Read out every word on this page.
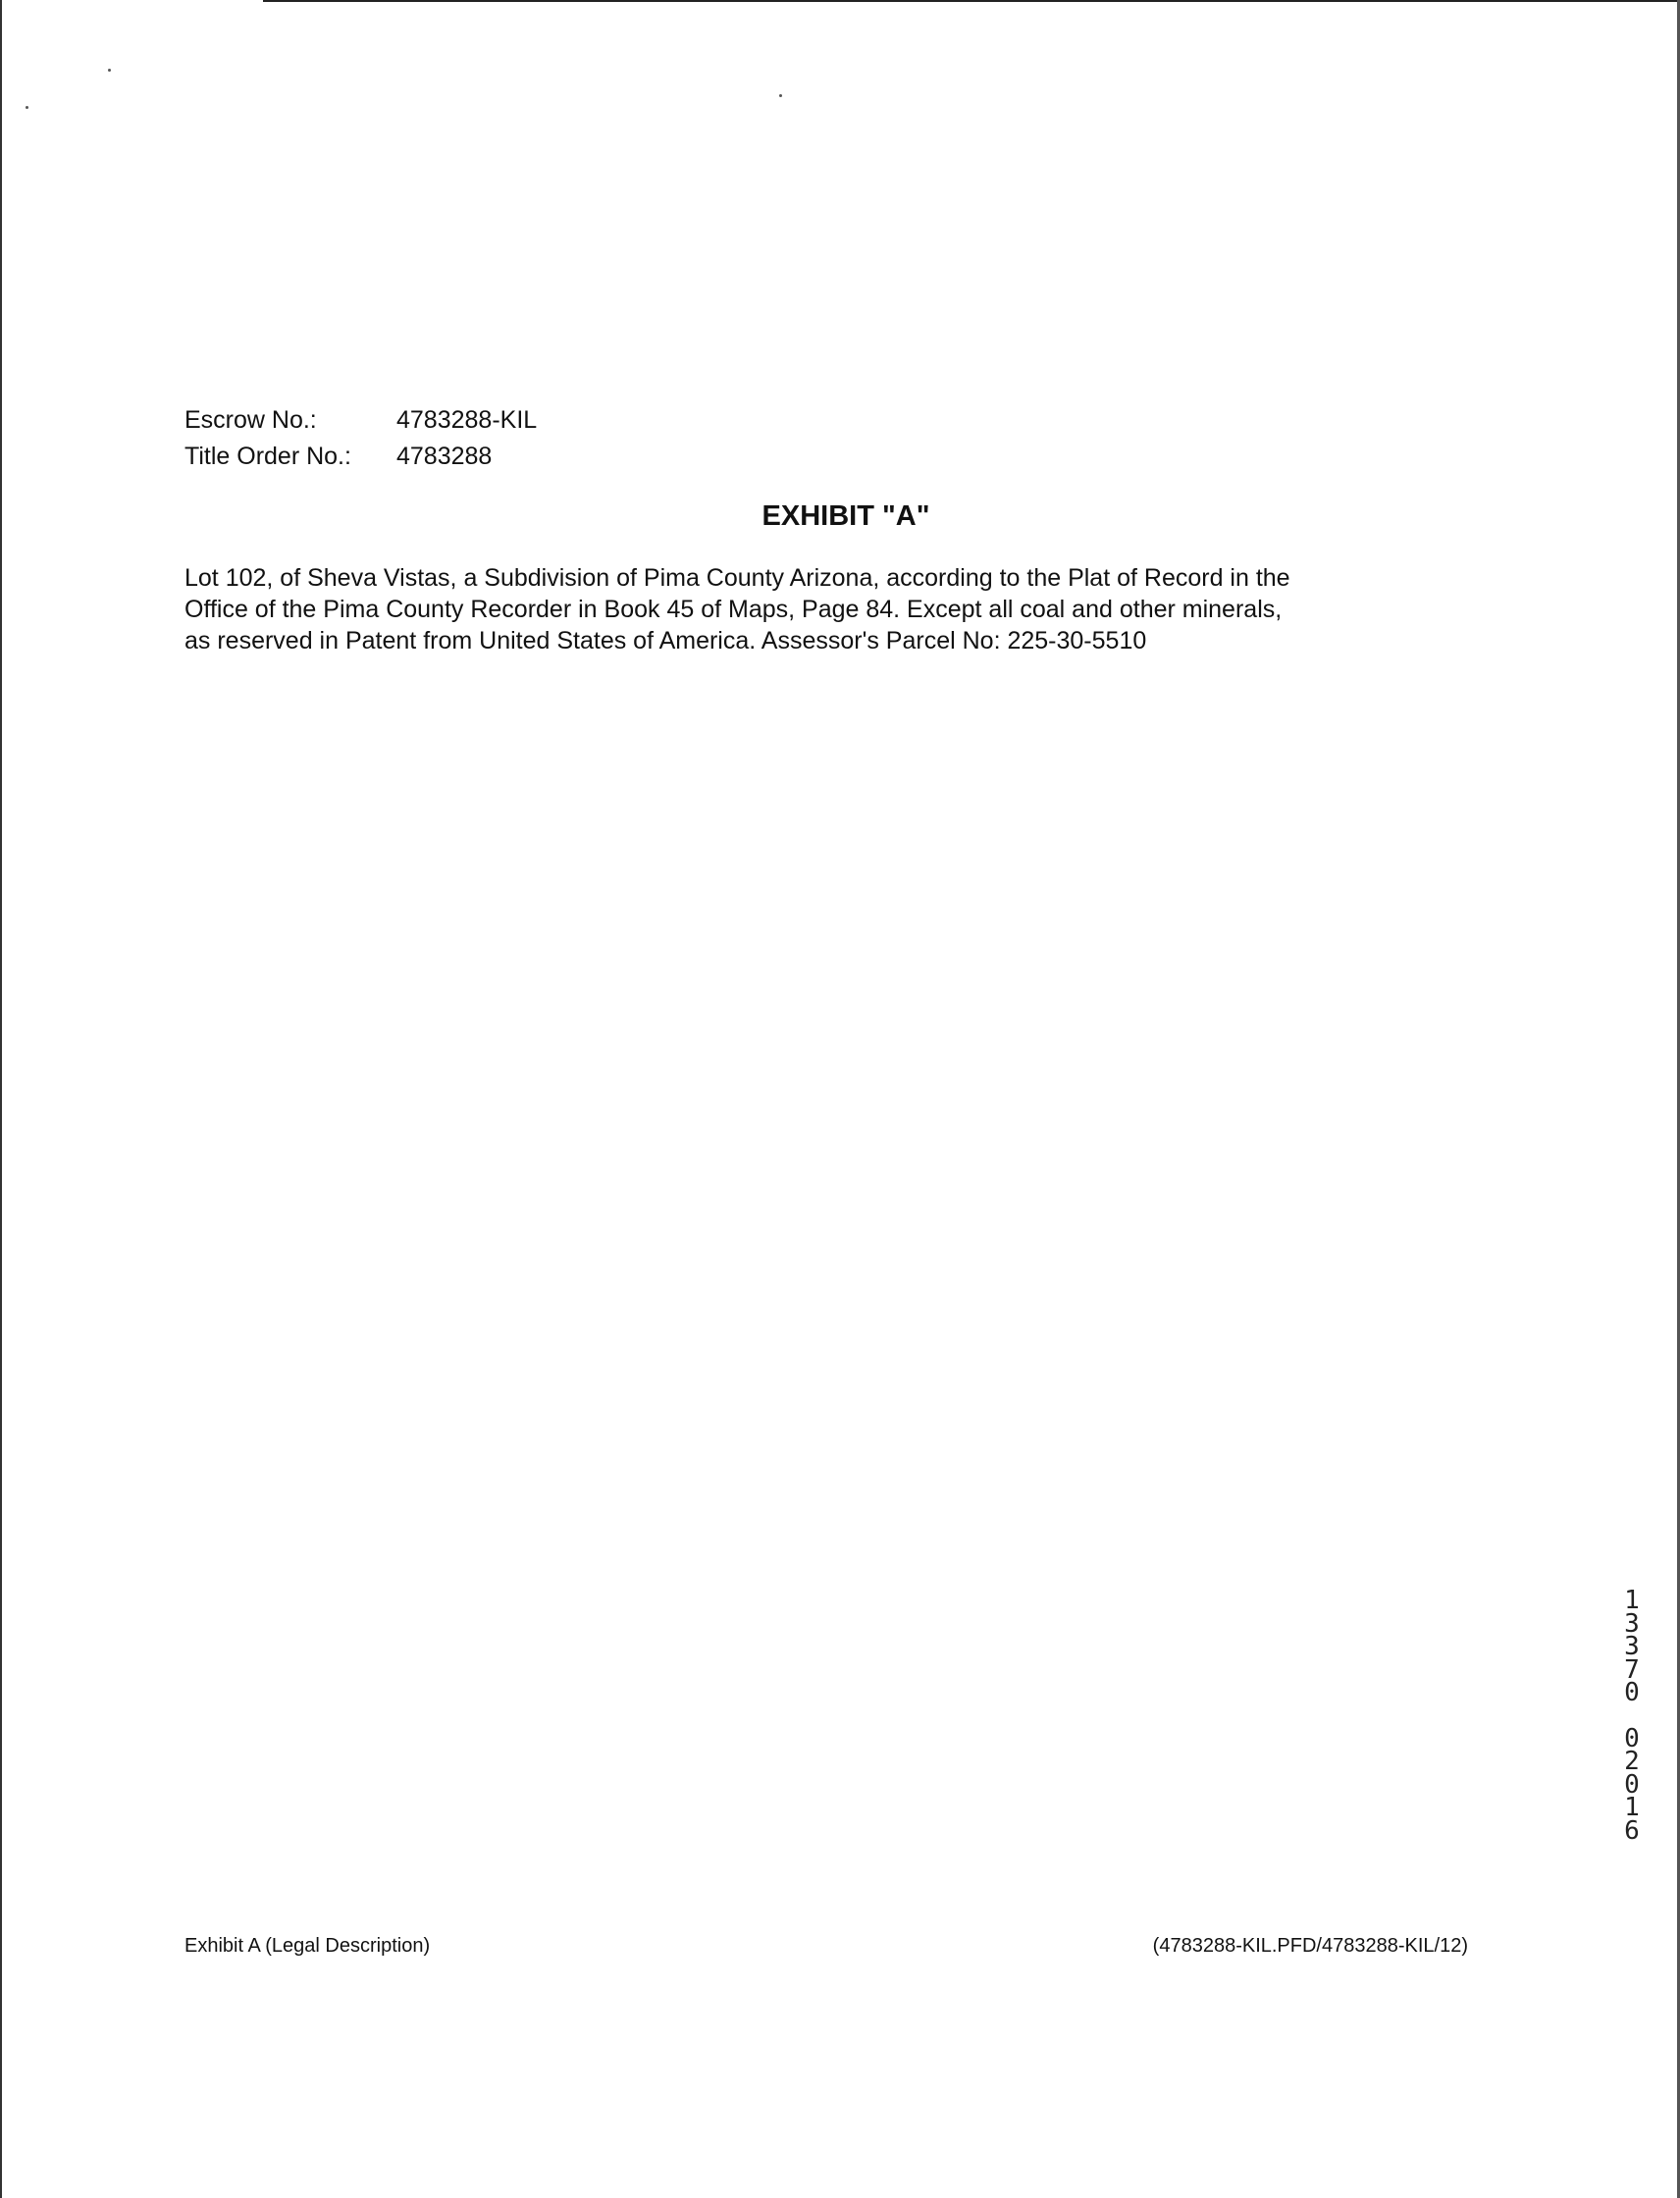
Escrow No.:	4783288-KIL
Title Order No.:	4783288
EXHIBIT "A"
Lot 102, of Sheva Vistas, a Subdivision of Pima County Arizona, according to the Plat of Record in the
Office of the Pima County Recorder in Book 45 of Maps, Page 84. Except all coal and other minerals,
as reserved in Patent from United States of America. Assessor's Parcel No: 225-30-5510
1
3
3
7
0
0
2
0
1
6
Exhibit A (Legal Description)	(4783288-KIL.PFD/4783288-KIL/12)
